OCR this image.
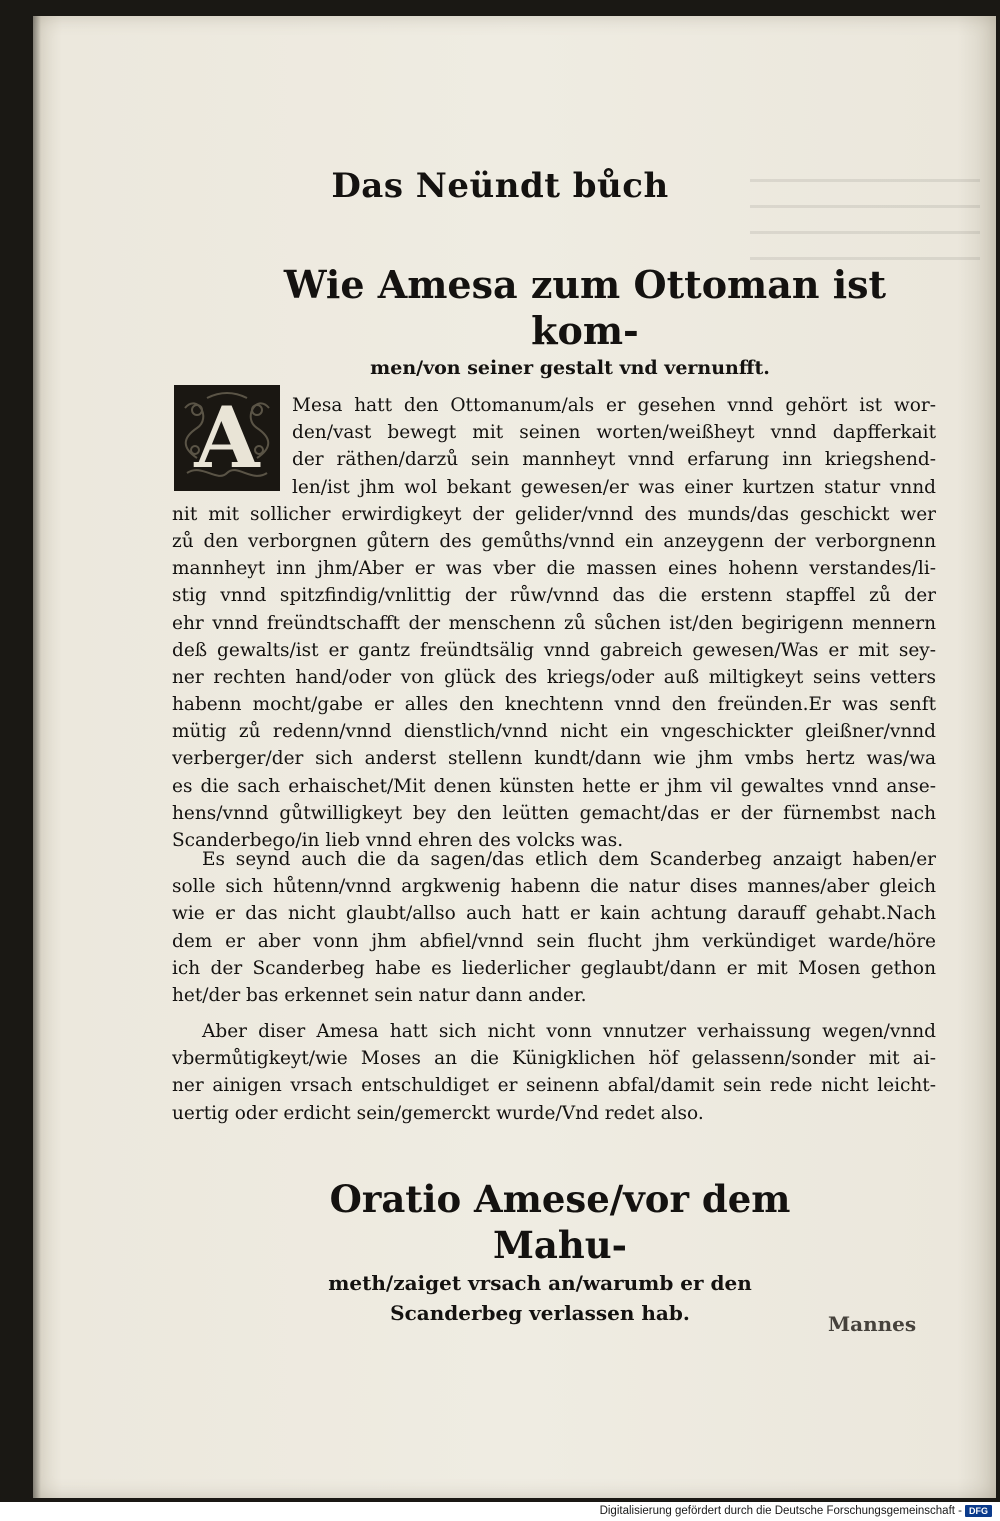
Das Neündt bůch
Wie Amesa zum Ottoman ist kom-
men/von seiner gestalt vnd vernunfft.
A	Mesa hatt den Ottomanum/als er gesehen vnnd gehört ist wor-
den/vast bewegt mit seinen worten/weißheyt vnnd dapfferkait
der räthen/darzů sein mannheyt vnnd erfarung inn kriegshend-
len/ist jhm wol bekant gewesen/er was einer kurtzen statur vnnd
nit mit sollicher erwirdigkeyt der gelider/vnnd des munds/das geschickt wer
zů den verborgnen gůtern des gemůths/vnnd ein anzeygenn der verborgnenn
mannheyt inn jhm/Aber er was vber die massen eines hohenn verstandes/li-
stig vnnd spitzfindig/vnlittig der růw/vnnd das die erstenn stapffel zů der
ehr vnnd freündtschafft der menschenn zů sůchen ist/den begirigenn mennern
deß gewalts/ist er gantz freündtsälig vnnd gabreich gewesen/Was er mit sey-
ner rechten hand/oder von glück des kriegs/oder auß miltigkeyt seins vetters
habenn mocht/gabe er alles den knechtenn vnnd den freünden.Er was senft
mütig zů redenn/vnnd dienstlich/vnnd nicht ein vngeschickter gleißner/vnnd
verberger/der sich anderst stellenn kundt/dann wie jhm vmbs hertz was/wa
es die sach erhaischet/Mit denen künsten hette er jhm vil gewaltes vnnd anse-
hens/vnnd gůtwilligkeyt bey den leütten gemacht/das er der fürnembst nach
Scanderbego/in lieb vnnd ehren des volcks was.
Es seynd auch die da sagen/das etlich dem Scanderbeg anzaigt haben/er
solle sich hůtenn/vnnd argkwenig habenn die natur dises mannes/aber gleich
wie er das nicht glaubt/allso auch hatt er kain achtung darauff gehabt.Nach
dem er aber vonn jhm abfiel/vnnd sein flucht jhm verkündiget warde/höre
ich der Scanderbeg habe es liederlicher geglaubt/dann er mit Mosen gethon
het/der bas erkennet sein natur dann ander.
Aber diser Amesa hatt sich nicht vonn vnnutzer verhaissung wegen/vnnd
vbermůtigkeyt/wie Moses an die Künigklichen höf gelassenn/sonder mit ai-
ner ainigen vrsach entschuldiget er seinenn abfal/damit sein rede nicht leicht-
uertig oder erdicht sein/gemerckt wurde/Vnd redet also.
Oratio Amese/vor dem Mahu-
meth/zaiget vrsach an/warumb er den
Scanderbeg verlassen hab.	Mannes
Digitalisierung gefördert durch die Deutsche Forschungsgemeinschaft - DFG
